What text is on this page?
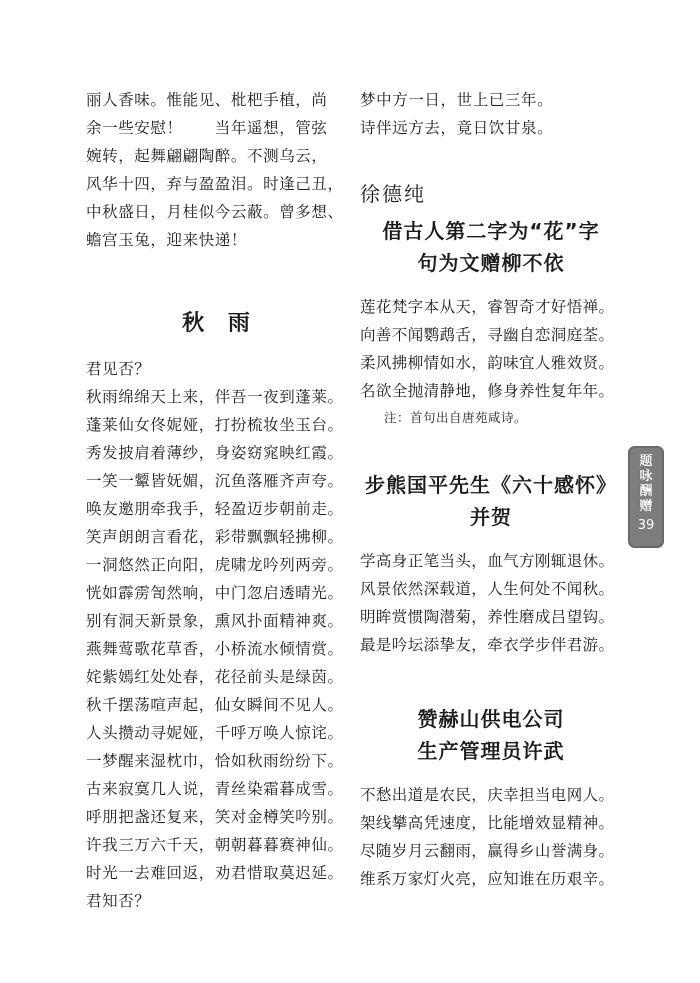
丽人香味。惟能见、枇杷手植，尚
余一些安慰！　　当年遥想，管弦
婉转，起舞翩翩陶醉。不测乌云，
风华十四，弃与盈盈泪。时逢己丑，
中秋盛日，月桂似今云蔽。曾多想、
蟾宫玉兔，迎来快递！
秋 雨
君见否？
秋雨绵绵天上来，伴吾一夜到蓬莱。
蓬莱仙女佟妮娅，打扮梳妆坐玉台。
秀发披肩着薄纱，身姿窈窕映红霞。
一笑一颦皆妩媚，沉鱼落雁齐声夸。
唤友邀朋牵我手，轻盈迈步朝前走。
笑声朗朗言看花，彩带飘飘轻拂柳。
一洞悠然正向阳，虎啸龙吟列两旁。
恍如霹雳訇然响，中门忽启透晴光。
别有洞天新景象，熏风扑面精神爽。
燕舞莺歌花草香，小桥流水倾情赏。
姹紫嫣红处处春，花径前头是绿茵。
秋千摆荡喧声起，仙女瞬间不见人。
人头攒动寻妮娅，千呼万唤人惊诧。
一梦醒来湿枕巾，恰如秋雨纷纷下。
古来寂寞几人说，青丝染霜暮成雪。
呼朋把盏还复来，笑对金樽笑吟别。
许我三万六千天，朝朝暮暮赛神仙。
时光一去难回返，劝君惜取莫迟延。
君知否？
梦中方一日，世上已三年。
诗伴远方去，竟日饮甘泉。
徐德纯
借古人第二字为“花”字
句为文赠柳不依
莲花梵字本从天，睿智奇才好悟禅。
向善不闻鹦鹉舌，寻幽自恋洞庭荃。
柔风拂柳情如水，韵味宜人雅效贤。
名欲全抛清静地，修身养性复年年。
注：首句出自唐苑咸诗。
步熊国平先生《六十感怀》
并贺
学高身正笔当头，血气方刚辄退休。
风景依然深载道，人生何处不闻秋。
明眸赏惯陶潜菊，养性磨成吕望钩。
最是吟坛添挚友，牵衣学步伴君游。
赞赫山供电公司
生产管理员许武
不愁出道是农民，庆幸担当电网人。
架线攀高凭速度，比能增效显精神。
尽随岁月云翻雨，赢得乡山誉满身。
维系万家灯火亮，应知谁在历艰辛。
题咏酬赠
39
